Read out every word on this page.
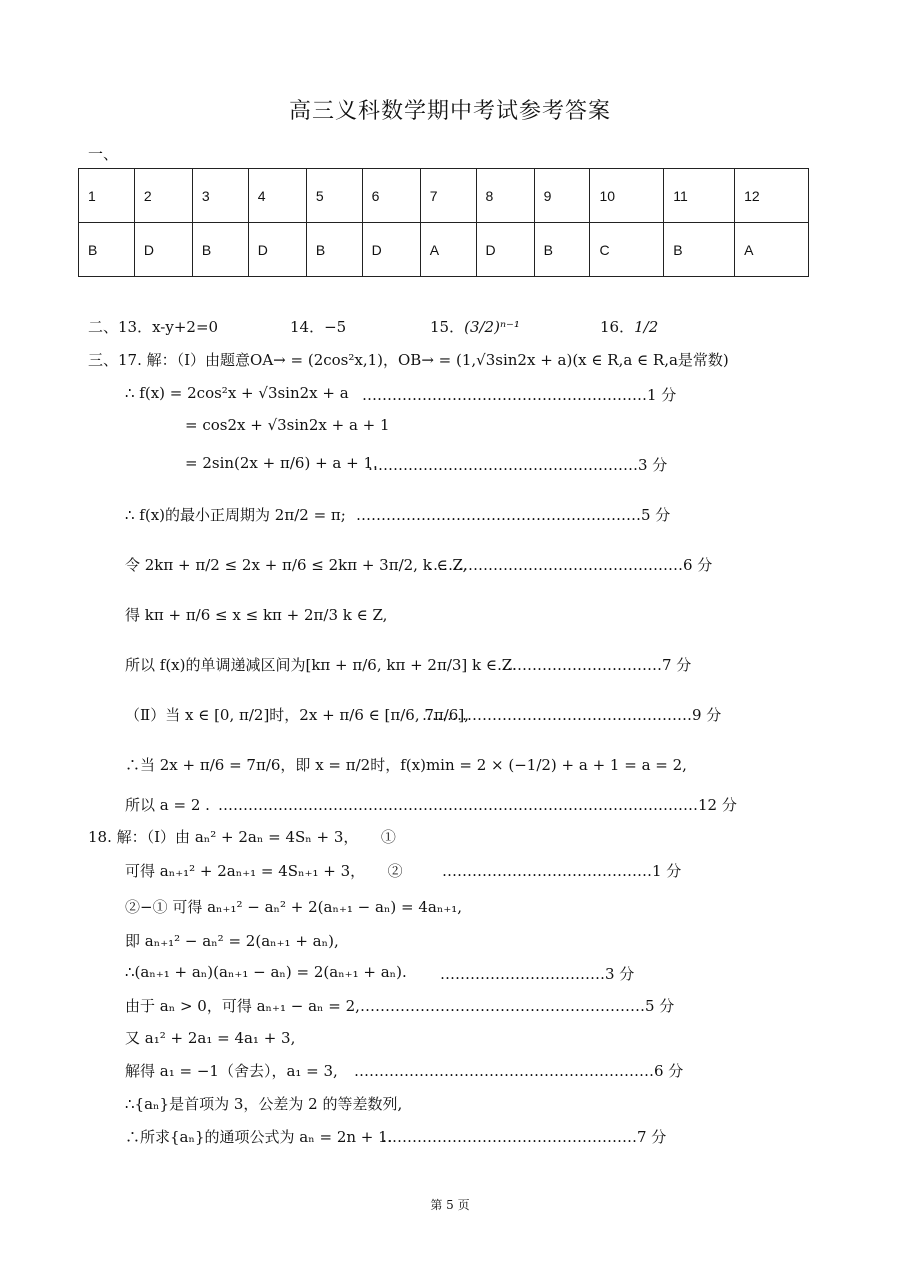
高三义科数学期中考试参考答案
一、
1	2	3	4	5	6	7	8	9	10	11	12
B	D	B	D	B	D	A	D	B	C	B	A
二、13．x-y+2=0	14．−5	15．(3/2)ⁿ⁻¹	16．1/2
三、17. 解：（Ⅰ）由题意OA→ = (2cos²x,1)，OB→ = (1,√3sin2x + a)(x ∈ R,a ∈ R,a是常数)
∴ f(x) = 2cos²x + √3sin2x + a …………………………………………………1 分
= cos2x + √3sin2x + a + 1
= 2sin(2x + π/6) + a + 1.
………………………………………………3 分
∴ f(x)的最小正周期为 2π/2 = π; …………………………………………………5 分
令 2kπ + π/2 ≤ 2x + π/6 ≤ 2kπ + 3π/2, k ∈ Z,
……………………………………………6 分
得 kπ + π/6 ≤ x ≤ kπ + 2π/3 k ∈ Z,
所以 f(x)的单调递减区间为[kπ + π/6, kπ + 2π/3] k ∈ Z.
……………………………7 分
（Ⅱ）当 x ∈ [0, π/2]时，2x + π/6 ∈ [π/6, 7π/6],
………………………………………………9 分
∴当 2x + π/6 = 7π/6，即 x = π/2时，f(x)min = 2 × (−1/2) + a + 1 = a = 2,
所以 a = 2 . ……………………………………………………………………………………12 分
18. 解：（Ⅰ）由 aₙ² + 2aₙ = 4Sₙ + 3，　　①
可得 aₙ₊₁² + 2aₙ₊₁ = 4Sₙ₊₁ + 3，　　②	……………………………………1 分
②−① 可得 aₙ₊₁² − aₙ² + 2(aₙ₊₁ − aₙ) = 4aₙ₊₁,
即 aₙ₊₁² − aₙ² = 2(aₙ₊₁ + aₙ),
∴(aₙ₊₁ + aₙ)(aₙ₊₁ − aₙ) = 2(aₙ₊₁ + aₙ). ……………………………3 分
由于 aₙ > 0，可得 aₙ₊₁ − aₙ = 2, …………………………………………………5 分
又 a₁² + 2a₁ = 4a₁ + 3,
解得 a₁ = −1（舍去），a₁ = 3, ……………………………………………………6 分
∴{aₙ}是首项为 3，公差为 2 的等差数列,
∴所求{aₙ}的通项公式为 aₙ = 2n + 1.
……………………………………………7 分
第 5 页
